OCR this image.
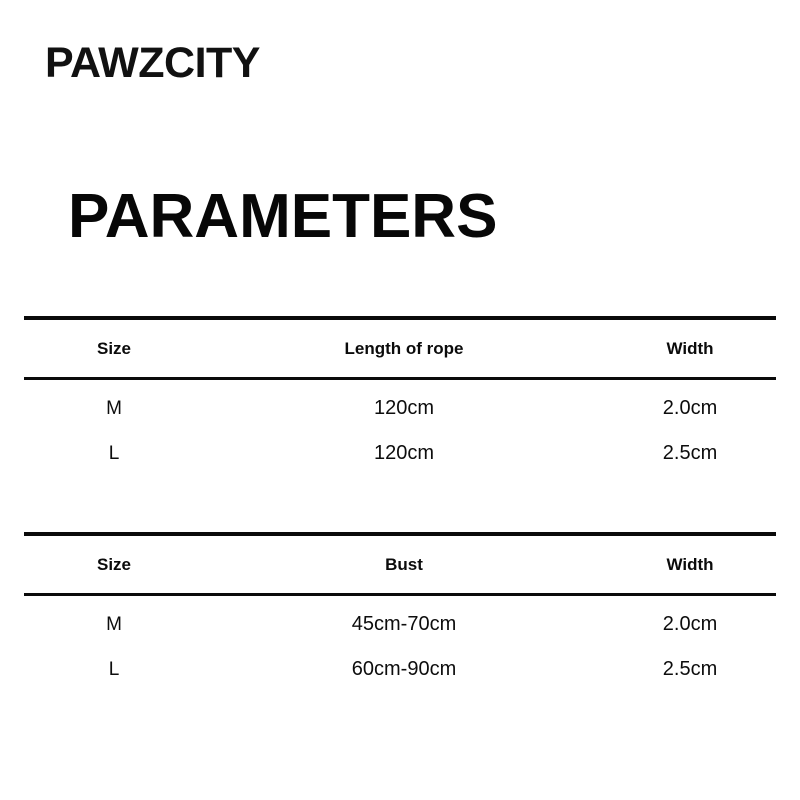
PAWZCITY
PARAMETERS
Size	Length of rope	Width
M	120cm	2.0cm
L	120cm	2.5cm
Size	Bust	Width
M	45cm-70cm	2.0cm
L	60cm-90cm	2.5cm
